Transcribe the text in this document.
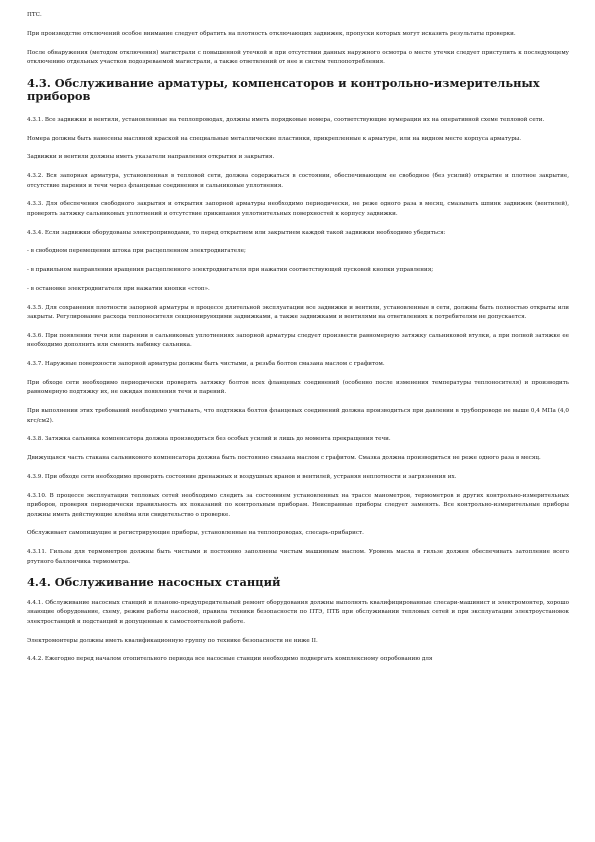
ПТС.

При производстве отключений особое внимание следует обратить на плотность отключающих задвижек, пропуски которых могут исказить результаты проверки.

После обнаружения (методом отключения) магистрали с повышенной утечкой и при отсутствии данных наружного осмотра о месте утечки следует приступить к последующему отключению отдельных участков подозреваемой магистрали, а также ответвлений от нее и систем теплопотребления.

4.3. Обслуживание арматуры, компенсаторов и контрольно-измерительных приборов

4.3.1. Все задвижки и вентили, установленные на теплопроводах, должны иметь порядковые номера, соответствующие нумерации их на оперативной схеме тепловой сети.

Номера должны быть нанесены масляной краской на специальные металлические пластинки, прикрепленные к арматуре, или на видном месте корпуса арматуры.

Задвижки и вентили должны иметь указатели направления открытия и закрытия.

4.3.2. Вся запорная арматура, установленная в тепловой сети, должна содержаться в состоянии, обеспечивающем ее свободное (без усилий) открытие и плотное закрытие, отсутствие парения и течи через фланцевые соединения и сальниковые уплотнения.

4.3.3. Для обеспечения свободного закрытия и открытия запорной арматуры необходимо периодически, не реже одного раза в месяц, смазывать шпинк задвижек (вентилей), проверять затяжку сальниковых уплотнений и отсутствие прикипания уплотнительных поверхностей к корпусу задвижки.

4.3.4. Если задвижки оборудованы электроприводами, то перед открытием или закрытием каждой такой задвижки необходимо убедиться:

- в свободном перемещении штока при расцепленном электродвигателе;

- в правильном направлении вращения расцепленного электродвигателя при нажатии соответствующей пусковой кнопки управления;

- в остановке электродвигателя при нажатии кнопки «стоп».

4.3.5. Для сохранения плотности запорной арматуры в процессе длительной эксплуатации все задвижки и вентили, установленные в сети, должны быть полностью открыты или закрыты. Регулирование расхода теплоносителя секционирующими задвижками, а также задвижками и вентилями на ответвлениях к потребителям не допускается.

4.3.6. При появлении течи или парении в сальниковых уплотнениях запорной арматуры следует произвести равномерную затяжку сальниковой втулки, а при полной затяжке ее необходимо дополнить или сменить набивку сальника.

4.3.7. Наружные поверхности запорной арматуры должны быть чистыми, а резьба болтов смазана маслом с графитом.

При обходе сети необходимо периодически проверять затяжку болтов всех фланцевых соединений (особенно после изменения температуры теплоносителя) и производить равномерную подтяжку их, не ожидая появления течи и парений.

При выполнении этих требований необходимо учитывать, что подтяжка болтов фланцевых соединений должна производиться при давлении в трубопроводе не выше 0,4 МПа (4,0 кгс/см2).

4.3.8. Затяжка сальника компенсатора должна производиться без особых усилий и лишь до момента прекращения течи.

Движущаяся часть стакана сальникового компенсатора должна быть постоянно смазана маслом с графитом. Смазка должна производиться не реже одного раза в месяц.

4.3.9. При обходе сети необходимо проверять состояние дренажных и воздушных кранов и вентилей, устраняя неплотности и загрязнения их.

4.3.10. В процессе эксплуатации тепловых сетей необходимо следить за состоянием установленных на трассе манометров, термометров и других контрольно-измерительных приборов, проверяя периодически правильность их показаний по контрольным приборам. Неисправные приборы следует заменять. Все контрольно-измерительные приборы должны иметь действующие клейма или свидетельство о проверке.

Обслуживает самопишущие и регистрирующие приборы, установленные на теплопроводах, слесарь-прибарист.

4.3.11. Гильзы для термометров должны быть чистыми и постоянно заполнены чистым машинным маслом. Уровень масла в гильзе должен обеспечивать затопление всего ртутного баллончика термометра.

4.4. Обслуживание насосных станций

4.4.1. Обслуживание насосных станций и планово-предупредительный ремонт оборудования должны выполнять квалифицированные слесари-машинист и электромонтер, хорошо знающие оборудование, схему, режим работы насосной, правила техники безопасности по ПТЭ, ПТБ при обслуживании тепловых сетей и при эксплуатации электроустановок электростанций и подстанций и допущенные к самостоятельной работе.

Электромонтеры должны иметь квалификационную группу по технике безопасности не ниже II.

4.4.2. Ежегодно перед началом отопительного периода все насосные станции необходимо подвергать комплексному опробованию для
